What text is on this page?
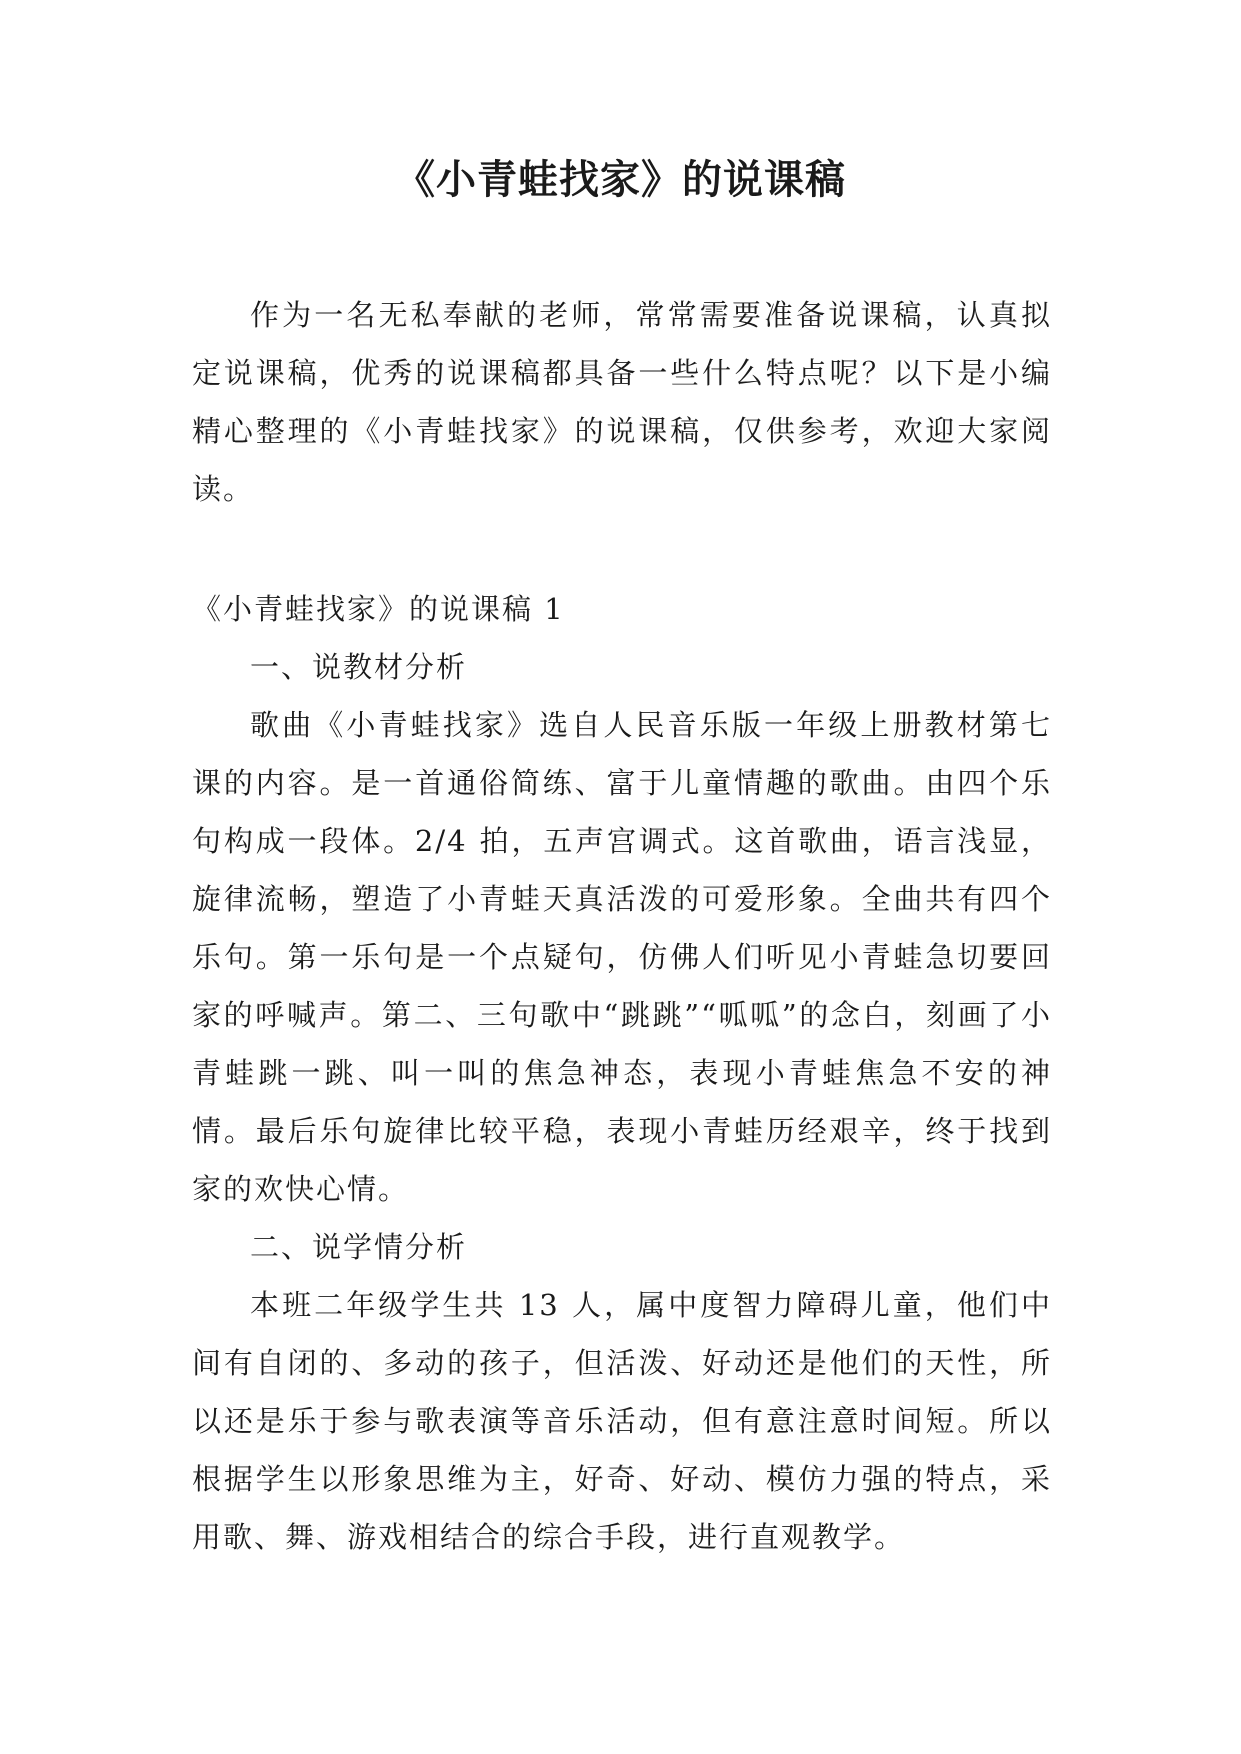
《小青蛙找家》的说课稿

作为一名无私奉献的老师，常常需要准备说课稿，认真拟定说课稿，优秀的说课稿都具备一些什么特点呢？以下是小编精心整理的《小青蛙找家》的说课稿，仅供参考，欢迎大家阅读。

《小青蛙找家》的说课稿 1

一、说教材分析

歌曲《小青蛙找家》选自人民音乐版一年级上册教材第七课的内容。是一首通俗简练、富于儿童情趣的歌曲。由四个乐句构成一段体。2/4 拍，五声宫调式。这首歌曲，语言浅显，旋律流畅，塑造了小青蛙天真活泼的可爱形象。全曲共有四个乐句。第一乐句是一个点疑句，仿佛人们听见小青蛙急切要回家的呼喊声。第二、三句歌中“跳跳”“呱呱”的念白，刻画了小青蛙跳一跳、叫一叫的焦急神态，表现小青蛙焦急不安的神情。最后乐句旋律比较平稳，表现小青蛙历经艰辛，终于找到家的欢快心情。

二、说学情分析

本班二年级学生共 13 人，属中度智力障碍儿童，他们中间有自闭的、多动的孩子，但活泼、好动还是他们的天性，所以还是乐于参与歌表演等音乐活动，但有意注意时间短。所以根据学生以形象思维为主，好奇、好动、模仿力强的特点，采用歌、舞、游戏相结合的综合手段，进行直观教学。
